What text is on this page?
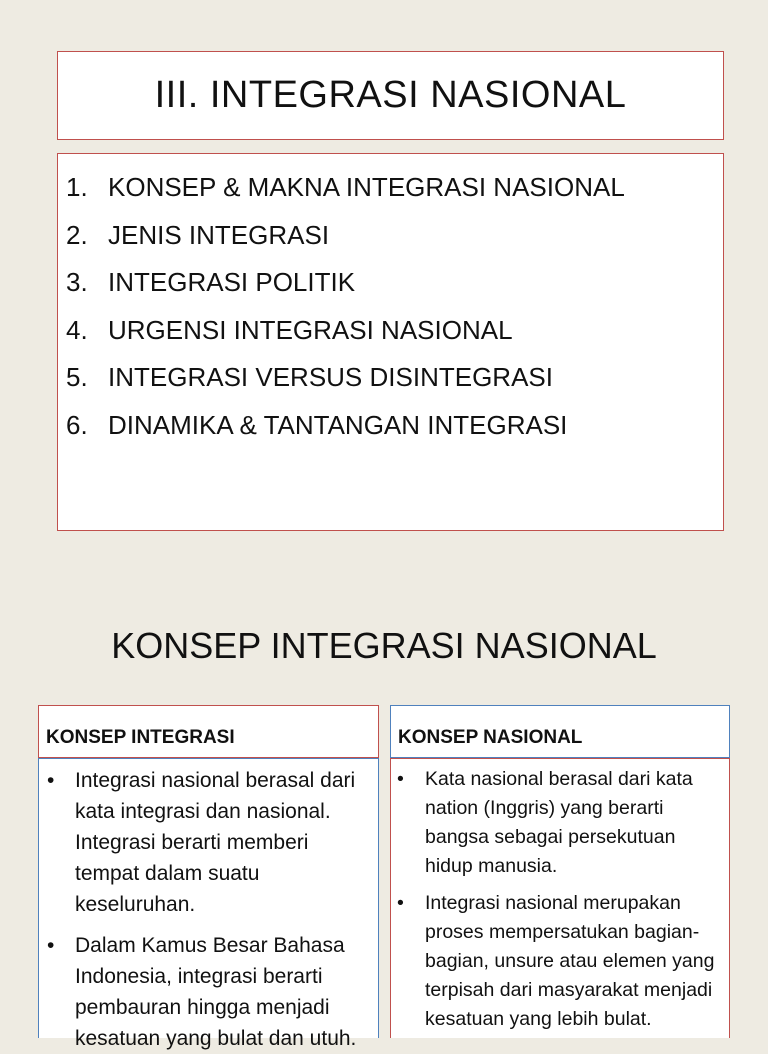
III. INTEGRASI NASIONAL
1. KONSEP & MAKNA INTEGRASI NASIONAL
2. JENIS INTEGRASI
3. INTEGRASI POLITIK
4. URGENSI INTEGRASI NASIONAL
5. INTEGRASI VERSUS DISINTEGRASI
6. DINAMIKA & TANTANGAN INTEGRASI
KONSEP INTEGRASI NASIONAL
KONSEP INTEGRASI	KONSEP NASIONAL
• Integrasi nasional berasal dari kata integrasi dan nasional. Integrasi berarti memberi tempat dalam suatu keseluruhan.
• Dalam Kamus Besar Bahasa Indonesia, integrasi berarti pembauran hingga menjadi kesatuan yang bulat dan utuh.
• Kata nasional berasal dari kata nation (Inggris) yang berarti bangsa sebagai persekutuan hidup manusia.
• Integrasi nasional merupakan proses mempersatukan bagian-bagian, unsure atau elemen yang terpisah dari masyarakat menjadi kesatuan yang lebih bulat.
